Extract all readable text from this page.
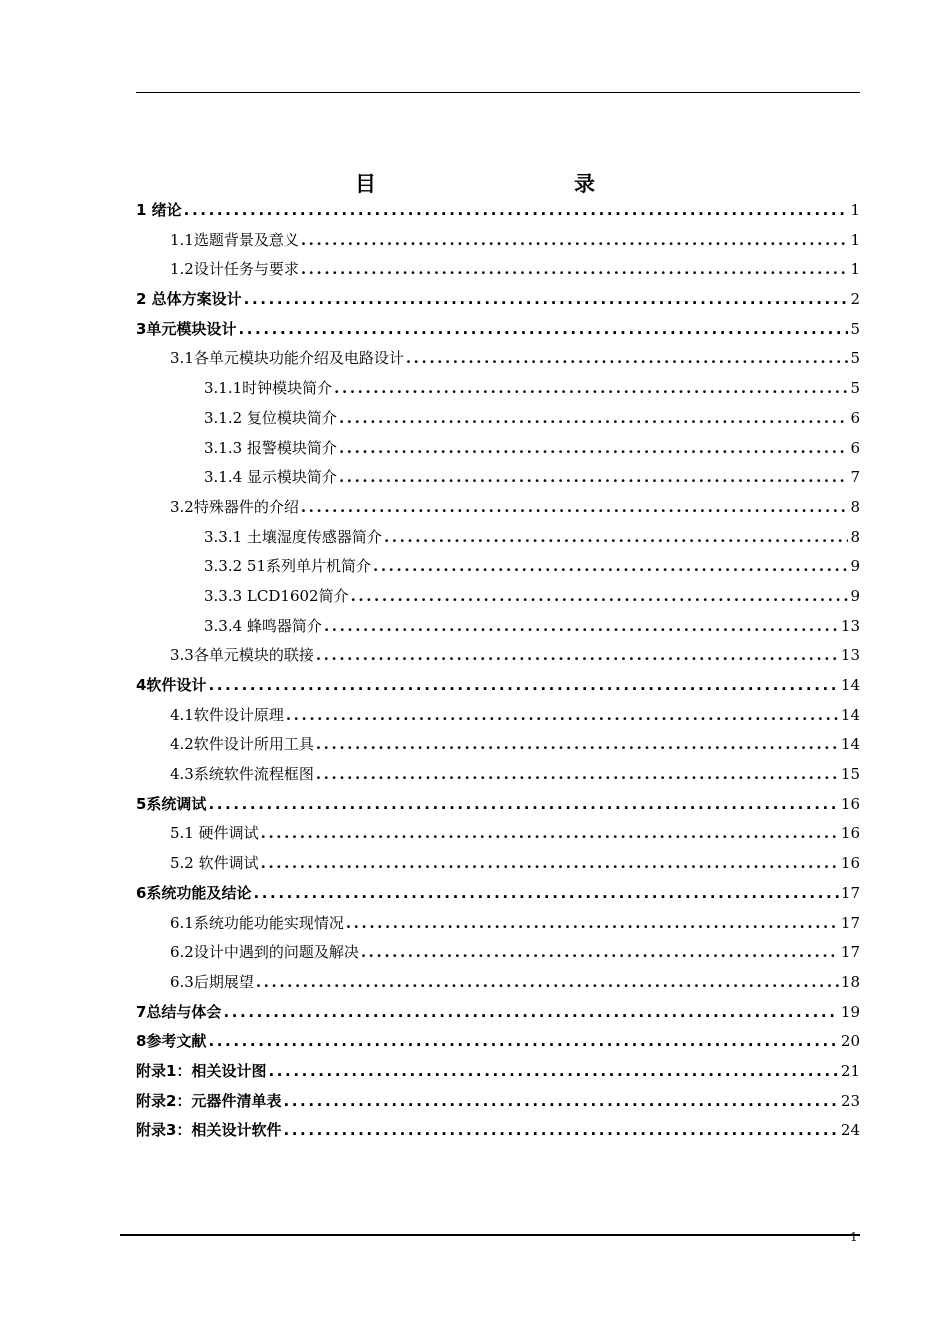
目　　录
1 绪论 .....	1
1.1选题背景及意义 .....	1
1.2设计任务与要求 .....	1
2 总体方案设计 .....	2
3单元模块设计 .....	5
3.1各单元模块功能介绍及电路设计 .....	5
3.1.1时钟模块简介 .....	5
3.1.2 复位模块简介 .....	6
3.1.3 报警模块简介 .....	6
3.1.4 显示模块简介 .....	7
3.2特殊器件的介绍 .....	8
3.3.1 土壤湿度传感器简介 .....	8
3.3.2 51系列单片机简介 .....	9
3.3.3 LCD1602简介 .....	9
3.3.4 蜂鸣器简介 .....	13
3.3各单元模块的联接 .....	13
4软件设计 .....	14
4.1软件设计原理 .....	14
4.2软件设计所用工具 .....	14
4.3系统软件流程框图 .....	15
5系统调试 .....	16
5.1 硬件调试 .....	16
5.2 软件调试 .....	16
6系统功能及结论 .....	17
6.1系统功能功能实现情况 .....	17
6.2设计中遇到的问题及解决 .....	17
6.3后期展望 .....	18
7总结与体会 .....	19
8参考文献 .....	20
附录1：相关设计图 .....	21
附录2：元器件清单表 .....	23
附录3：相关设计软件 .....	24
1
